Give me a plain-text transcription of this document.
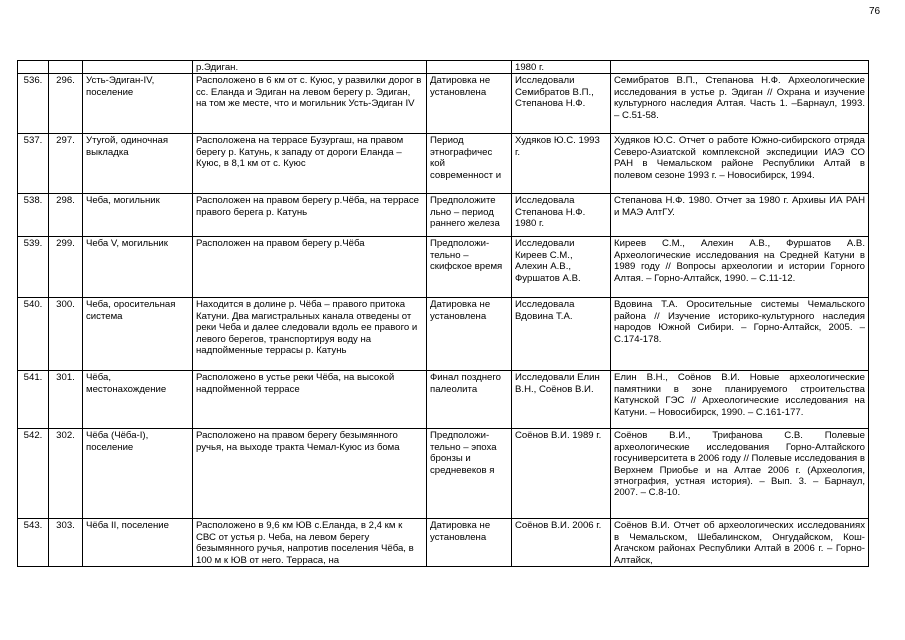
76
			р.Эдиган.		1980 г.	
536.	296.	Усть-Эдиган-IV, поселение	Расположено в 6 км от с. Куюс, у развилки дорог в сс. Еланда и Эдиган на левом берегу р. Эдиган, на том же месте, что и могильник Усть-Эдиган IV	Датировка не установлена	Исследовали Семибратов В.П., Степанова Н.Ф.	Семибратов В.П., Степанова Н.Ф. Археологические исследования в устье р. Эдиган // Охрана и изучение культурного наследия Алтая. Часть 1. –Барнаул, 1993. – С.51-58.
537.	297.	Утугой, одиночная выкладка	Расположена на террасе Бузургаш, на правом берегу р. Катунь, к западу от дороги Еланда – Куюс, в 8,1 км от с. Куюс	Период этнографичес кой современност и	Худяков Ю.С. 1993 г.	Худяков Ю.С. Отчет о работе Южно-сибирского отряда Северо-Азиатской комплексной экспедиции ИАЭ СО РАН в Чемальском районе Республики Алтай в полевом сезоне 1993 г. – Новосибирск, 1994.
538.	298.	Чеба, могильник	Расположен на правом берегу р.Чёба, на террасе правого берега р. Катунь	Предположите льно – период раннего железа	Исследовала Степанова Н.Ф. 1980 г.	Степанова Н.Ф. 1980. Отчет за 1980 г. Архивы ИА РАН и МАЭ АлтГУ.
539.	299.	Чеба V, могильник	Расположен на правом берегу р.Чёба	Предположи- тельно – скифское время	Исследовали Киреев С.М., Алехин А.В., Фуршатов А.В.	Киреев С.М., Алехин А.В., Фуршатов А.В. Археологические исследования на Средней Катуни в 1989 году // Вопросы археологии и истории Горного Алтая. – Горно-Алтайск, 1990. – С.11-12.
540.	300.	Чеба, оросительная система	Находится в долине р. Чёба – правого притока Катуни. Два магистральных канала отведены от реки Чеба и далее следовали вдоль ее правого и левого берегов, транспортируя воду на надпойменные террасы р. Катунь	Датировка не установлена	Исследовала Вдовина Т.А.	Вдовина Т.А. Оросительные системы Чемальского района // Изучение историко-культурного наследия народов Южной Сибири. – Горно-Алтайск, 2005. – С.174-178.
541.	301.	Чёба, местонахождение	Расположено в устье реки Чёба, на высокой надпойменной террасе	Финал позднего палеолита	Исследовали Елин В.Н., Соёнов В.И.	Елин В.Н., Соёнов В.И. Новые археологические памятники в зоне планируемого строительства Катунской ГЭС // Археологические исследования на Катуни. – Новосибирск, 1990. – С.161-177.
542.	302.	Чёба (Чёба-I), поселение	Расположено на правом берегу безымянного ручья, на выходе тракта Чемал-Куюс из бома	Предположи- тельно – эпоха бронзы и средневеков я	Соёнов В.И. 1989 г.	Соёнов В.И., Трифанова С.В. Полевые археологические исследования Горно-Алтайского госуниверситета в 2006 году // Полевые исследования в Верхнем Приобье и на Алтае 2006 г. (Археология, этнография, устная история). – Вып. 3. – Барнаул, 2007. – С.8-10.
543.	303.	Чёба II, поселение	Расположено в 9,6 км ЮВ с.Еланда, в 2,4 км к СВС от устья р. Чеба, на левом берегу безымянного ручья, напротив поселения Чёба, в 100 м к ЮВ от него. Терраса, на	Датировка не установлена	Соёнов В.И. 2006 г.	Соёнов В.И. Отчет об археологических исследованиях в Чемальском, Шебалинском, Онгудайском, Кош-Агачском районах Республики Алтай в 2006 г. – Горно-Алтайск,
